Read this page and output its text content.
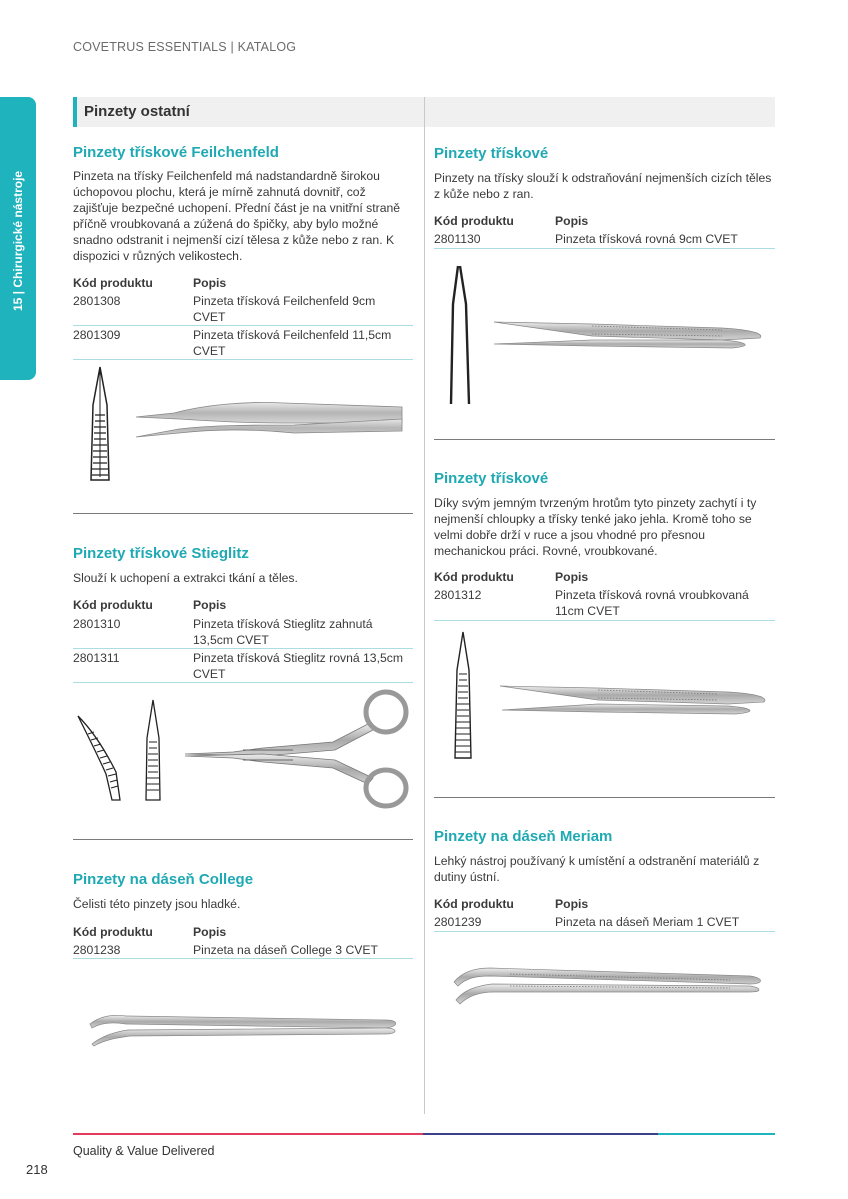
COVETRUS ESSENTIALS | KATALOG
15 | Chirurgické nástroje
Pinzety ostatní
Pinzety třískové Feilchenfeld
Pinzeta na třísky Feilchenfeld má nadstandardně širokou úchopovou plochu, která je mírně zahnutá dovnitř, což zajišťuje bezpečné uchopení. Přední část je na vnitřní straně příčně vroubkovaná a zúžená do špičky, aby bylo možné snadno odstranit i nejmenší cizí tělesa z kůže nebo z ran. K dispozici v různých velikostech.
Kód produktu	Popis
2801308	Pinzeta třísková Feilchenfeld 9cm CVET
2801309	Pinzeta třísková Feilchenfeld 11,5cm CVET
Pinzety třískové Stieglitz
Slouží k uchopení a extrakci tkání a těles.
Kód produktu	Popis
2801310	Pinzeta třísková Stieglitz zahnutá 13,5cm CVET
2801311	Pinzeta třísková Stieglitz rovná 13,5cm CVET
Pinzety na dáseň College
Čelisti této pinzety jsou hladké.
Kód produktu	Popis
2801238	Pinzeta na dáseň College 3 CVET
Pinzety třískové
Pinzety na třísky slouží k odstraňování nejmenších cizích těles z kůže nebo z ran.
Kód produktu	Popis
2801130	Pinzeta třísková rovná 9cm CVET
Pinzety třískové
Díky svým jemným tvrzeným hrotům tyto pinzety zachytí i ty nejmenší chloupky a třísky tenké jako jehla. Kromě toho se velmi dobře drží v ruce a jsou vhodné pro přesnou mechanickou práci. Rovné, vroubkované.
Kód produktu	Popis
2801312	Pinzeta třísková rovná vroubkovaná 11cm CVET
Pinzety na dáseň Meriam
Lehký nástroj používaný k umístění a odstranění materiálů z dutiny ústní.
Kód produktu	Popis
2801239	Pinzeta na dáseň Meriam 1 CVET
Quality & Value Delivered
218
